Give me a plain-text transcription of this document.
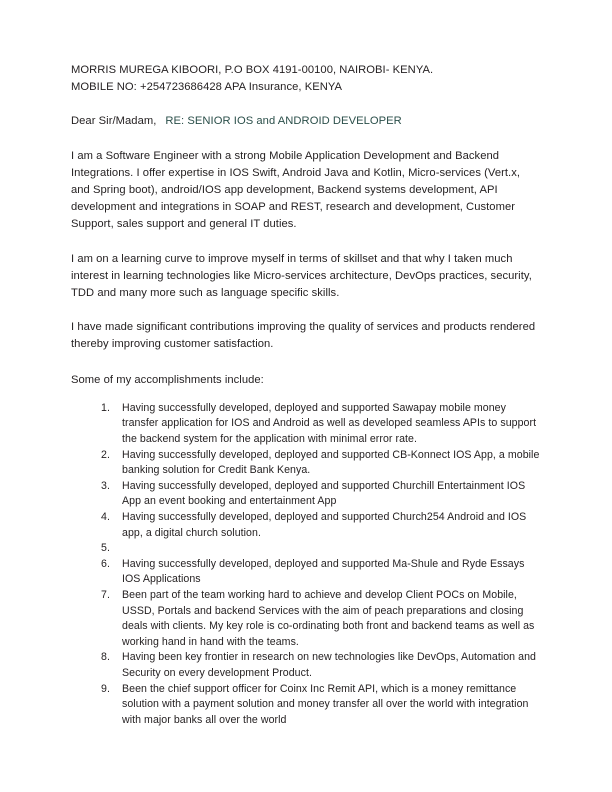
MORRIS MUREGA KIBOORI, P.O BOX 4191-00100, NAIROBI- KENYA.
MOBILE NO: +254723686428 APA Insurance, KENYA
Dear Sir/Madam, RE: SENIOR IOS and ANDROID DEVELOPER

I am a Software Engineer with a strong Mobile Application Development and Backend Integrations. I offer expertise in IOS Swift, Android Java and Kotlin, Micro-services (Vert.x, and Spring boot), android/IOS app development, Backend systems development, API development and integrations in SOAP and REST, research and development, Customer Support, sales support and general IT duties.

I am on a learning curve to improve myself in terms of skillset and that why I taken much interest in learning technologies like Micro-services architecture, DevOps practices, security, TDD and many more such as language specific skills.

I have made significant contributions improving the quality of services and products rendered thereby improving customer satisfaction.

Some of my accomplishments include:

1. Having successfully developed, deployed and supported Sawapay mobile money transfer application for IOS and Android as well as developed seamless APIs to support the backend system for the application with minimal error rate.
2. Having successfully developed, deployed and supported CB-Konnect IOS App, a mobile banking solution for Credit Bank Kenya.
3. Having successfully developed, deployed and supported Churchill Entertainment IOS App an event booking and entertainment App
4. Having successfully developed, deployed and supported Church254 Android and IOS app, a digital church solution.
5.
6. Having successfully developed, deployed and supported Ma-Shule and Ryde Essays IOS Applications
7. Been part of the team working hard to achieve and develop Client POCs on Mobile, USSD, Portals and backend Services with the aim of peach preparations and closing deals with clients. My key role is co-ordinating both front and backend teams as well as working hand in hand with the teams.
8. Having been key frontier in research on new technologies like DevOps, Automation and Security on every development Product.
9. Been the chief support officer for Coinx Inc Remit API, which is a money remittance solution with a payment solution and money transfer all over the world with integration with major banks all over the world
